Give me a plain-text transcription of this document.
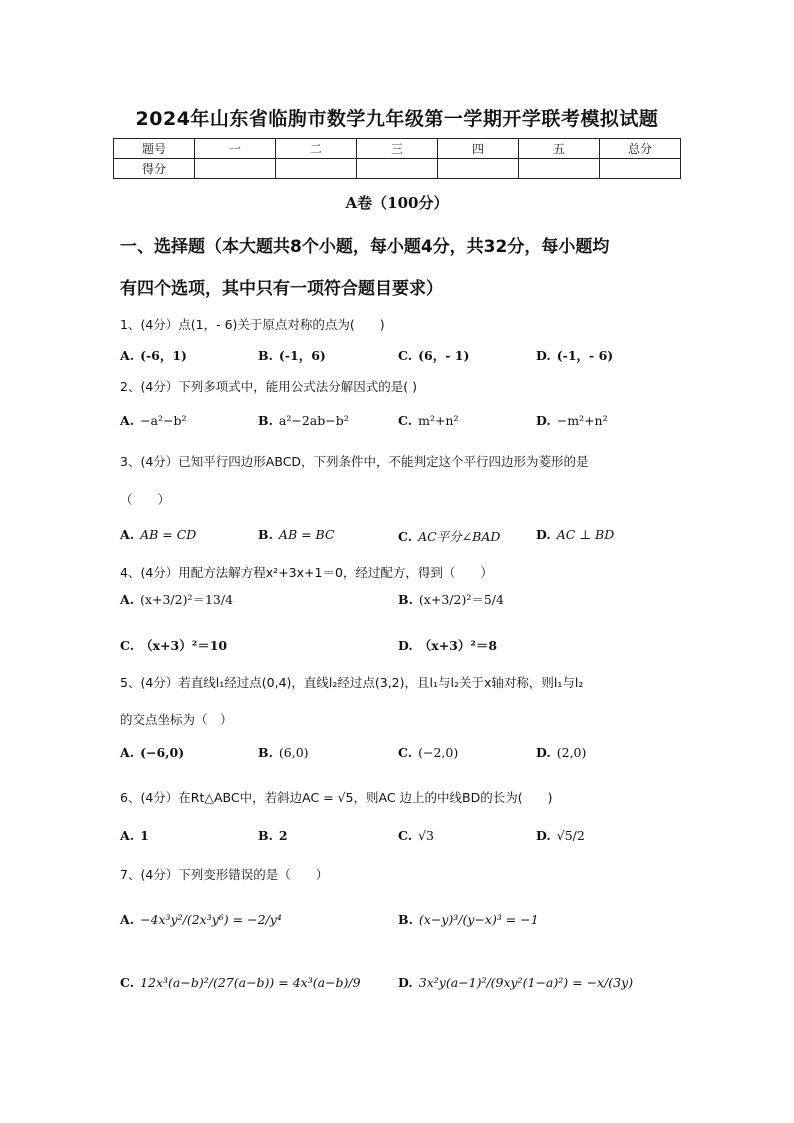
2024年山东省临朐市数学九年级第一学期开学联考模拟试题
题号	一	二	三	四	五	总分
得分						
A卷（100分）
一、选择题（本大题共8个小题，每小题4分，共32分，每小题均
有四个选项，其中只有一项符合题目要求）
1、(4分）点(1，- 6)关于原点对称的点为(　　)
A. (-6，1)	B. (-1，6)	C. (6，- 1)	D. (-1，- 6)
2、(4分）下列多项式中，能用公式法分解因式的是( )
A. −a²−b²	B. a²−2ab−b²	C. m²+n²	D. −m²+n²
3、(4分）已知平行四边形ABCD，下列条件中，不能判定这个平行四边形为菱形的是
（　　）
A. AB = CD	B. AB = BC	C. AC平分∠BAD	D. AC ⊥ BD
4、(4分）用配方法解方程x²+3x+1＝0，经过配方，得到（　　）
A. (x+3/2)²＝13/4	B. (x+3/2)²＝5/4
C. （x+3）²＝10	D. （x+3）²＝8
5、(4分）若直线l₁经过点(0,4)，直线l₂经过点(3,2)，且l₁与l₂关于x轴对称，则l₁与l₂
的交点坐标为（　）
A. (−6,0)	B. (6,0)	C. (−2,0)	D. (2,0)
6、(4分）在Rt△ABC中，若斜边AC = √5，则AC 边上的中线BD的长为(　　)
A. 1	B. 2	C. √3	D. √5/2
7、(4分）下列变形错误的是（　　）
A. −4x³y²/(2x³y⁶) = −2/y⁴	B. (x−y)³/(y−x)³ = −1
C. 12x³(a−b)²/(27(a−b)) = 4x³(a−b)/9	D. 3x²y(a−1)²/(9xy²(1−a)²) = −x/(3y)
